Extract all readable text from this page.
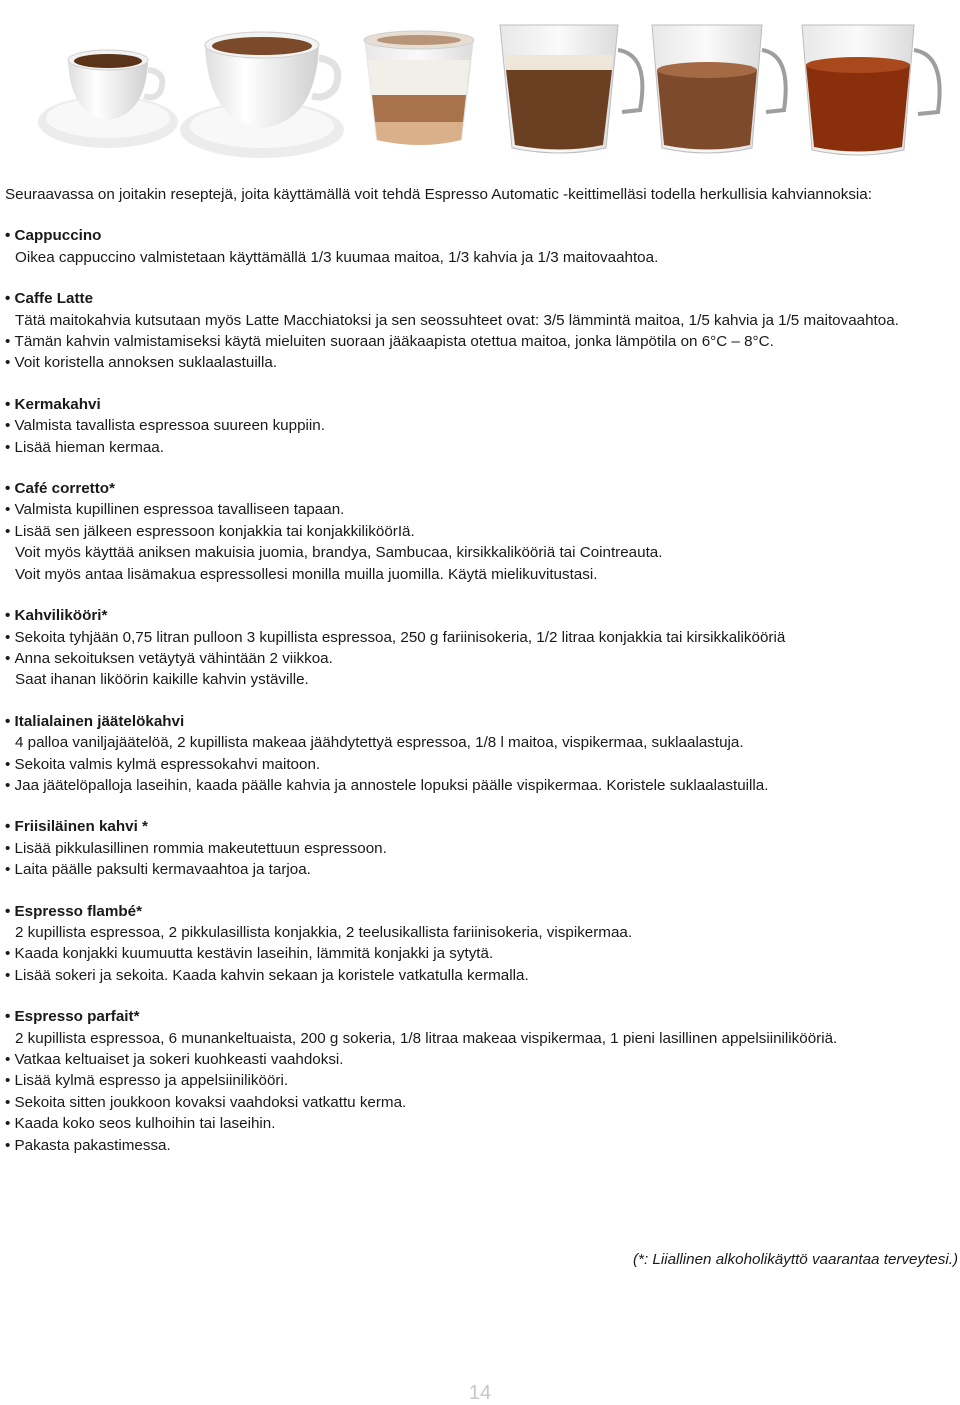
Seuraavassa on joitakin reseptejä, joita käyttämällä voit tehdä Espresso Automatic -keittimelläsi todella herkullisia kahviannoksia:

• Cappuccino

Oikea cappuccino valmistetaan käyttämällä 1/3 kuumaa maitoa, 1/3 kahvia ja 1/3 maitovaahtoa.

• Caffe Latte

Tätä maitokahvia kutsutaan myös Latte Macchiatoksi ja sen seossuhteet ovat: 3/5 lämmintä maitoa, 1/5 kahvia ja 1/5 maitovaahtoa.

• Tämän kahvin valmistamiseksi käytä mieluiten suoraan jääkaapista otettua maitoa, jonka lämpötila on 6°C – 8°C.

• Voit koristella annoksen suklaalastuilla.

• Kermakahvi

• Valmista tavallista espressoa suureen kuppiin.

• Lisää hieman kermaa.

• Café corretto*

• Valmista kupillinen espressoa tavalliseen tapaan.

• Lisää sen jälkeen espressoon konjakkia tai konjakkiliköörIä.

Voit myös käyttää aniksen makuisia juomia, brandya, Sambucaa, kirsikkalikööriä tai Cointreauta.

Voit myös antaa lisämakua espressollesi monilla muilla juomilla. Käytä mielikuvitustasi.

• Kahvilikööri*

• Sekoita tyhjään 0,75 litran pulloon 3 kupillista espressoa, 250 g fariinisokeria, 1/2 litraa konjakkia tai kirsikkalikööriä

• Anna sekoituksen vetäytyä vähintään 2 viikkoa.

Saat ihanan liköörin kaikille kahvin ystäville.

• Italialainen jäätelökahvi

4 palloa vaniljajäätelöä, 2 kupillista makeaa jäähdytettyä espressoa, 1/8 l maitoa, vispikermaa, suklaalastuja.

• Sekoita valmis kylmä espressokahvi maitoon.

• Jaa jäätelöpalloja laseihin, kaada päälle kahvia ja annostele lopuksi päälle vispikermaa. Koristele suklaalastuilla.

• Friisiläinen kahvi *

• Lisää pikkulasillinen rommia makeutettuun espressoon.

• Laita päälle paksulti kermavaahtoa ja tarjoa.

• Espresso flambé*

2 kupillista espressoa, 2 pikkulasillista konjakkia, 2 teelusikallista fariinisokeria, vispikermaa.

• Kaada konjakki kuumuutta kestävin laseihin, lämmitä konjakki ja sytytä.

• Lisää sokeri ja sekoita. Kaada kahvin sekaan ja koristele vatkatulla kermalla.

• Espresso parfait*

2 kupillista espressoa, 6 munankeltuaista, 200 g sokeria, 1/8 litraa makeaa vispikermaa, 1 pieni lasillinen appelsiinilikööriä.

• Vatkaa keltuaiset ja sokeri kuohkeasti vaahdoksi.

• Lisää kylmä espresso ja appelsiinilikööri.

• Sekoita sitten joukkoon kovaksi vaahdoksi vatkattu kerma.

• Kaada koko seos kulhoihin tai laseihin.

• Pakasta pakastimessa.

(*: Liiallinen alkoholikäyttö vaarantaa terveytesi.)
14
